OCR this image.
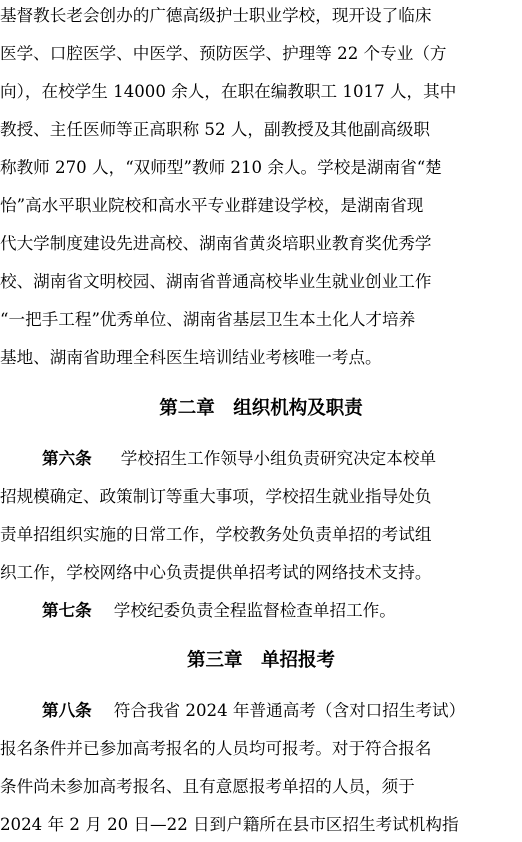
基督教长老会创办的广德高级护士职业学校，现开设了临床
医学、口腔医学、中医学、预防医学、护理等 22 个专业（方
向），在校学生 14000 余人，在职在编教职工 1017 人，其中
教授、主任医师等正高职称 52 人，副教授及其他副高级职
称教师 270 人，“双师型”教师 210 余人。学校是湖南省“楚
怡”高水平职业院校和高水平专业群建设学校，是湖南省现
代大学制度建设先进高校、湖南省黄炎培职业教育奖优秀学
校、湖南省文明校园、湖南省普通高校毕业生就业创业工作
“一把手工程”优秀单位、湖南省基层卫生本土化人才培养
基地、湖南省助理全科医生培训结业考核唯一考点。
第二章　组织机构及职责
第六条 学校招生工作领导小组负责研究决定本校单
招规模确定、政策制订等重大事项，学校招生就业指导处负
责单招组织实施的日常工作，学校教务处负责单招的考试组
织工作，学校网络中心负责提供单招考试的网络技术支持。
第七条 学校纪委负责全程监督检查单招工作。
第三章　单招报考
第八条 符合我省 2024 年普通高考（含对口招生考试）
报名条件并已参加高考报名的人员均可报考。对于符合报名
条件尚未参加高考报名、且有意愿报考单招的人员，须于
2024 年 2 月 20 日—22 日到户籍所在县市区招生考试机构指
